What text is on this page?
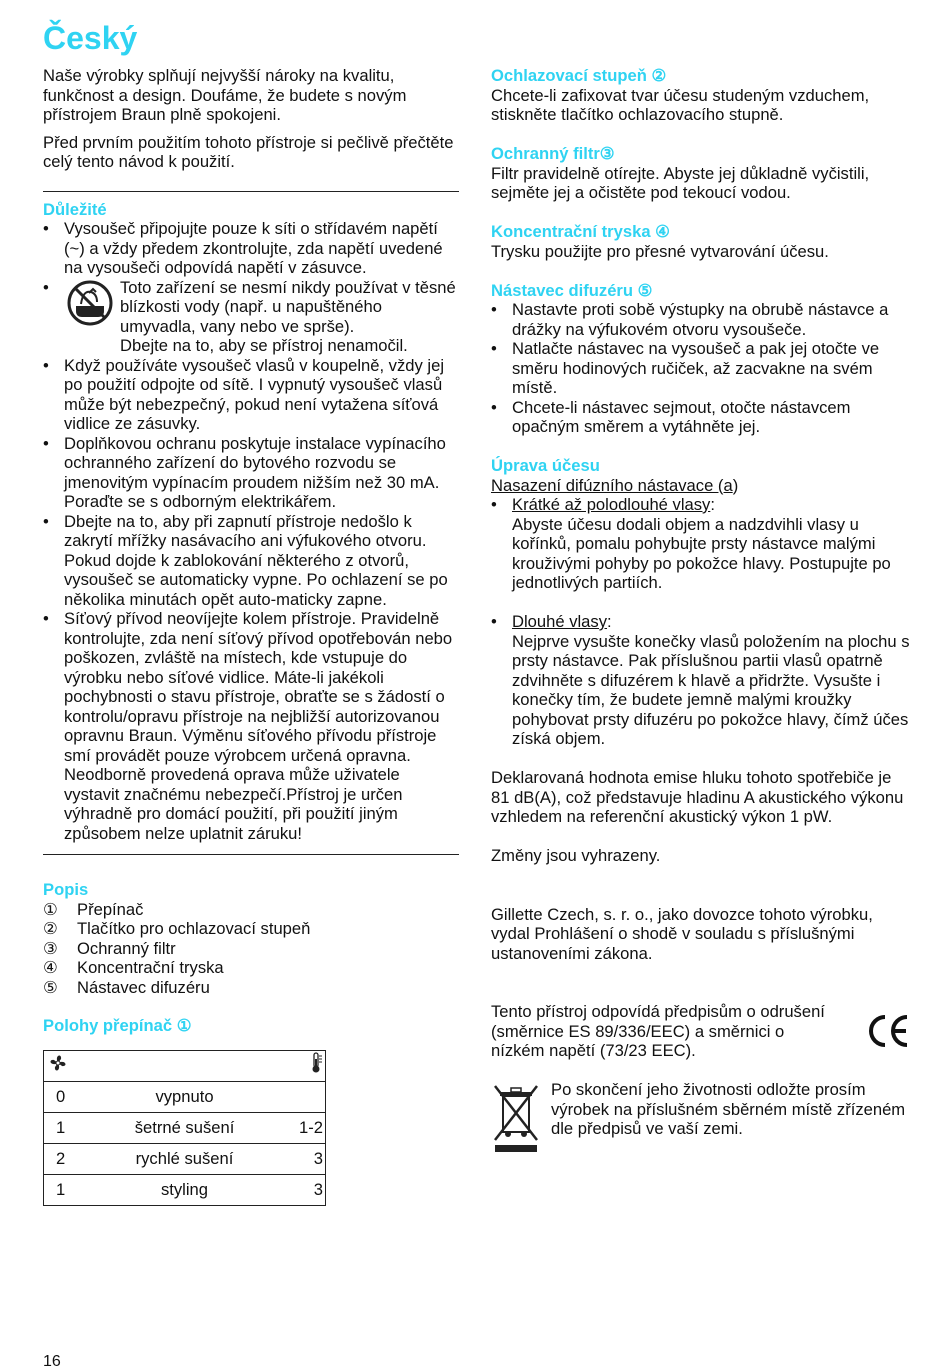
Český

Naše výrobky splňují nejvyšší nároky na kvalitu, funkčnost a design. Doufáme, že budete s novým přístrojem Braun plně spokojeni.

Před prvním použitím tohoto přístroje si pečlivě přečtěte celý tento návod k použití.

Důležité
• Vysoušeč připojujte pouze k síti o střídavém napětí (~) a vždy předem zkontrolujte, zda napětí uvedené na vysoušeči odpovídá napětí v zásuvce.
• Toto zařízení se nesmí nikdy používat v těsné blízkosti vody (např. u napuštěného umyvadla, vany nebo ve sprše).
Dbejte na to, aby se přístroj nenamočil.
• Když používáte vysoušeč vlasů v koupelně, vždy jej po použití odpojte od sítě. I vypnutý vysoušeč vlasů může být nebezpečný, pokud není vytažena síťová vidlice ze zásuvky.
• Doplňkovou ochranu poskytuje instalace vypínacího ochranného zařízení do bytového rozvodu se jmenovitým vypínacím proudem nižším než 30 mA. Poraďte se s odborným elektrikářem.
• Dbejte na to, aby při zapnutí přístroje nedošlo k zakrytí mřížky nasávacího ani výfukového otvoru. Pokud dojde k zablokování některého z otvorů, vysoušeč se automaticky vypne. Po ochlazení se po několika minutách opět auto-maticky zapne.
• Síťový přívod neovíjejte kolem přístroje. Pravidelně kontrolujte, zda není síťový přívod opotřebován nebo poškozen, zvláště na místech, kde vstupuje do výrobku nebo síťové vidlice. Máte-li jakékoli pochybnosti o stavu přístroje, obraťte se s žádostí o kontrolu/opravu přístroje na nejbližší autorizovanou opravnu Braun. Výměnu síťového přívodu přístroje smí provádět pouze výrobcem určená opravna. Neodborně provedená oprava může uživatele vystavit značnému nebezpečí.Přístroj je určen výhradně pro domácí použití, při použití jiným způsobem nelze uplatnit záruku!
Popis
①	Přepínač
②	Tlačítko pro ochlazovací stupeň
③	Ochranný filtr
④	Koncentrační tryska
⑤	Nástavec difuzéru
Polohy přepínač ①

0	vypnuto	
1	šetrné sušení	1-2
2	rychlé sušení	3
1	styling	3
Ochlazovací stupeň ②

Chcete-li zafixovat tvar účesu studeným vzduchem, stiskněte tlačítko ochlazovacího stupně.

Ochranný filtr③

Filtr pravidelně otírejte. Abyste jej důkladně vyčistili, sejměte jej a očistěte pod tekoucí vodou.

Koncentrační tryska ④

Trysku použijte pro přesné vytvarování účesu.

Nástavec difuzéru ⑤
• Nastavte proti sobě výstupky na obrubě nástavce a drážky na výfukovém otvoru vysoušeče.
• Natlačte nástavec na vysoušeč a pak jej otočte ve směru hodinových ručiček, až zacvakne na svém místě.
• Chcete-li nástavec sejmout, otočte nástavcem opačným směrem a vytáhněte jej.
Úprava účesu

Nasazení difúzního nástavace (a)

• Krátké až polodlouhé vlasy:
Abyste účesu dodali objem a nadzdvihli vlasy u kořínků, pomalu pohybujte prsty nástavce malými krouživými pohyby po pokožce hlavy. Postupujte po jednotlivých partiích.
• Dlouhé vlasy:
Nejprve vysušte konečky vlasů položením na plochu s prsty nástavce. Pak příslušnou partii vlasů opatrně zdvihněte s difuzérem k hlavě a přidržte. Vysušte i konečky tím, že budete jemně malými kroužky pohybovat prsty difuzéru po pokožce hlavy, čímž účes získá objem.

Deklarovaná hodnota emise hluku tohoto spotřebiče je 81 dB(A), což představuje hladinu A akustického výkonu vzhledem na referenční akustický výkon 1 pW.

Změny jsou vyhrazeny.

Gillette Czech, s. r. o., jako dovozce tohoto výrobku, vydal Prohlášení o shodě v souladu s příslušnými ustanoveními zákona.

Tento přístroj odpovídá předpisům o odrušení (směrnice ES 89/336/EEC) a směrnici o nízkém napětí (73/23 EEC).

Po skončení jeho životnosti odložte prosím výrobek na příslušném sběrném místě zřízeném dle předpisů ve vaší zemi.

16
